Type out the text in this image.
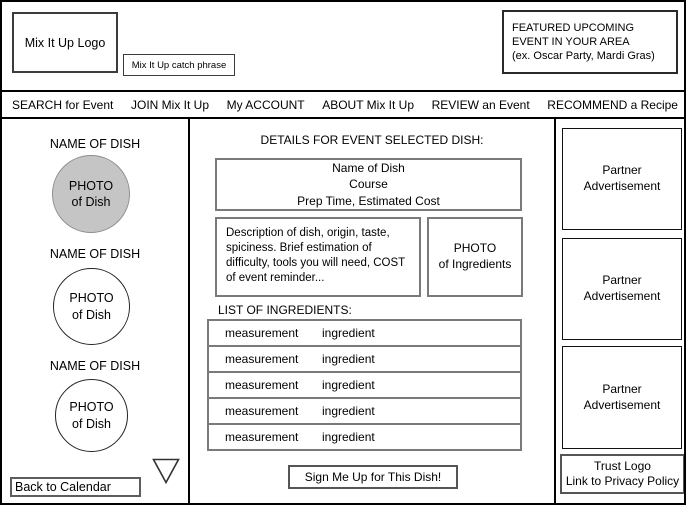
Mix It Up Logo
Mix It Up catch phrase
FEATURED UPCOMING
EVENT IN YOUR AREA
(ex. Oscar Party, Mardi Gras)
SEARCH for Event JOIN Mix It Up My ACCOUNT ABOUT Mix It Up REVIEW an Event RECOMMEND a Recipe
NAME OF DISH
PHOTO
of Dish
NAME OF DISH
PHOTO
of Dish
NAME OF DISH
PHOTO
of Dish
Back to Calendar
DETAILS FOR EVENT SELECTED DISH:
Name of Dish
Course
Prep Time, Estimated Cost
Description of dish, origin, taste, spiciness. Brief estimation of difficulty, tools you will need, COST of event reminder...
PHOTO
of Ingredients
LIST OF INGREDIENTS:
measurement	ingredient
measurement	ingredient
measurement	ingredient
measurement	ingredient
measurement	ingredient
Sign Me Up for This Dish!
Partner Advertisement
Partner Advertisement
Partner Advertisement
Trust Logo
Link to Privacy Policy
